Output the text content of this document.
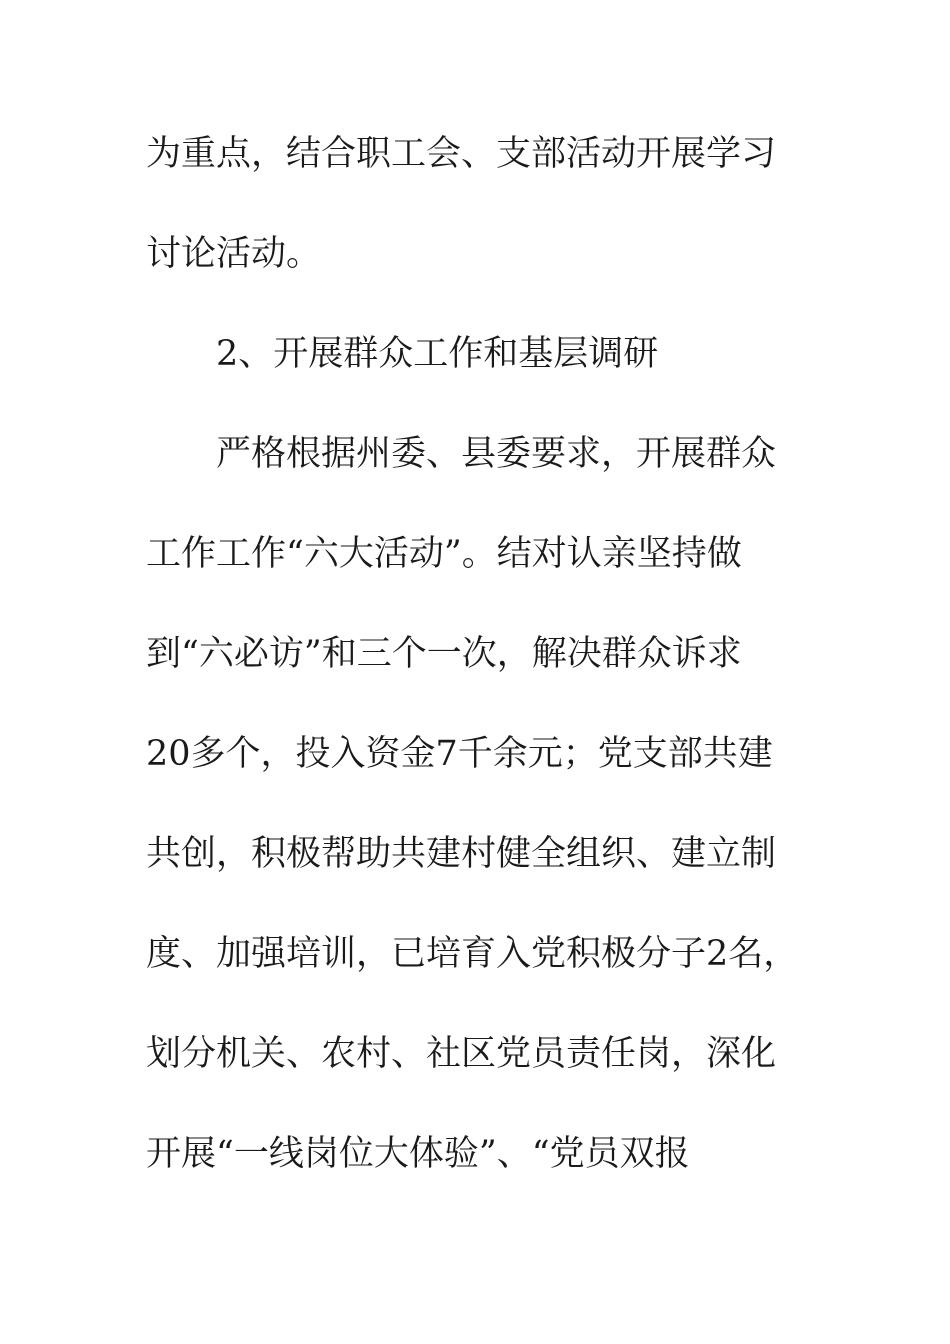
为重点，结合职工会、支部活动开展学习
讨论活动。
2、开展群众工作和基层调研
严格根据州委、县委要求，开展群众
工作工作“六大活动”。结对认亲坚持做
到“六必访”和三个一次，解决群众诉求
20多个，投入资金7千余元；党支部共建
共创，积极帮助共建村健全组织、建立制
度、加强培训，已培育入党积极分子2名，
划分机关、农村、社区党员责任岗，深化
开展“一线岗位大体验”、“党员双报
